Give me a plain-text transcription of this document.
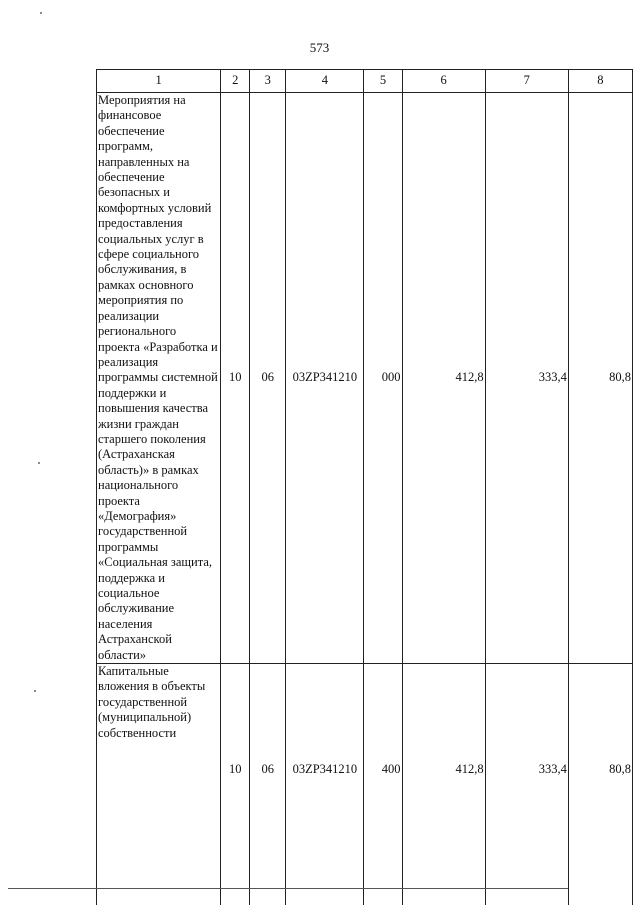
573
1	2	3	4	5	6	7	8
Мероприятия на финансовое обеспечение программ, направленных на обеспечение безопасных и комфортных условий предоставления социальных услуг в сфере социального обслуживания, в рамках основного мероприятия по реализации регионального проекта «Разработка и реализация программы системной поддержки и повышения качества жизни граждан старшего поколения (Астраханская область)» в рамках национального проекта «Демография» государственной программы «Социальная защита, поддержка и социальное обслуживание населения Астраханской области»	10	06	03ZP341210	000	412,8	333,4	80,8
Капитальные вложения в объекты государственной (муниципальной) собственности	10	06	03ZP341210	400	412,8	333,4	80,8
